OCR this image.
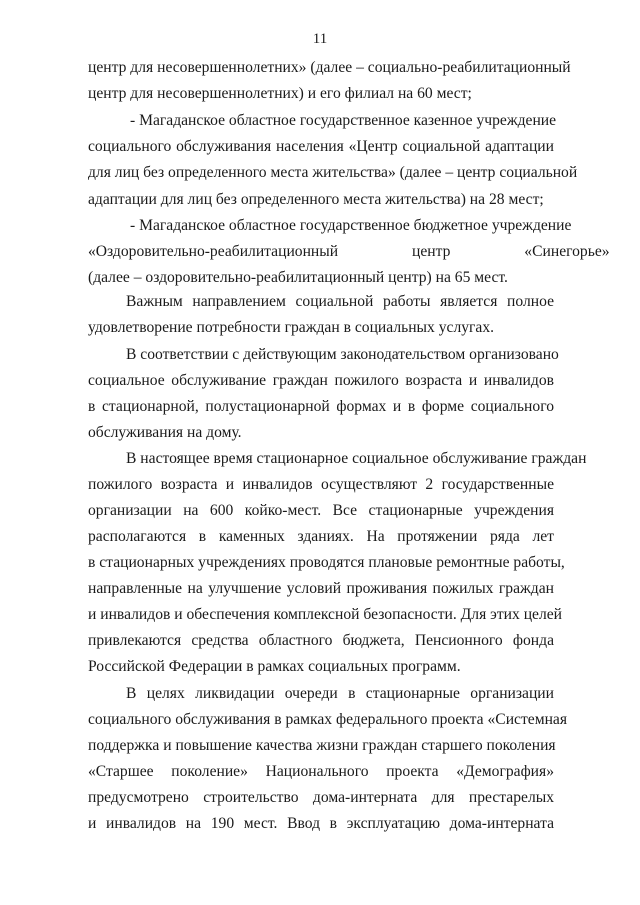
11
центр для несовершеннолетних» (далее – социально-реабилитационный
центр для несовершеннолетних) и его филиал на 60 мест;
- Магаданское областное государственное казенное учреждение
социального обслуживания населения «Центр социальной адаптации
для лиц без определенного места жительства» (далее – центр социальной
адаптации для лиц без определенного места жительства) на 28 мест;
- Магаданское областное государственное бюджетное учреждение
«Оздоровительно-реабилитационный центр «Синегорье»
(далее – оздоровительно-реабилитационный центр) на 65 мест.
Важным направлением социальной работы является полное
удовлетворение потребности граждан в социальных услугах.
В соответствии с действующим законодательством организовано
социальное обслуживание граждан пожилого возраста и инвалидов
в стационарной, полустационарной формах и в форме социального
обслуживания на дому.
В настоящее время стационарное социальное обслуживание граждан
пожилого возраста и инвалидов осуществляют 2 государственные
организации на 600 койко-мест. Все стационарные учреждения
располагаются в каменных зданиях. На протяжении ряда лет
в стационарных учреждениях проводятся плановые ремонтные работы,
направленные на улучшение условий проживания пожилых граждан
и инвалидов и обеспечения комплексной безопасности. Для этих целей
привлекаются средства областного бюджета, Пенсионного фонда
Российской Федерации в рамках социальных программ.
В целях ликвидации очереди в стационарные организации
социального обслуживания в рамках федерального проекта «Системная
поддержка и повышение качества жизни граждан старшего поколения
«Старшее поколение» Национального проекта «Демография»
предусмотрено строительство дома-интерната для престарелых
и инвалидов на 190 мест. Ввод в эксплуатацию дома-интерната
